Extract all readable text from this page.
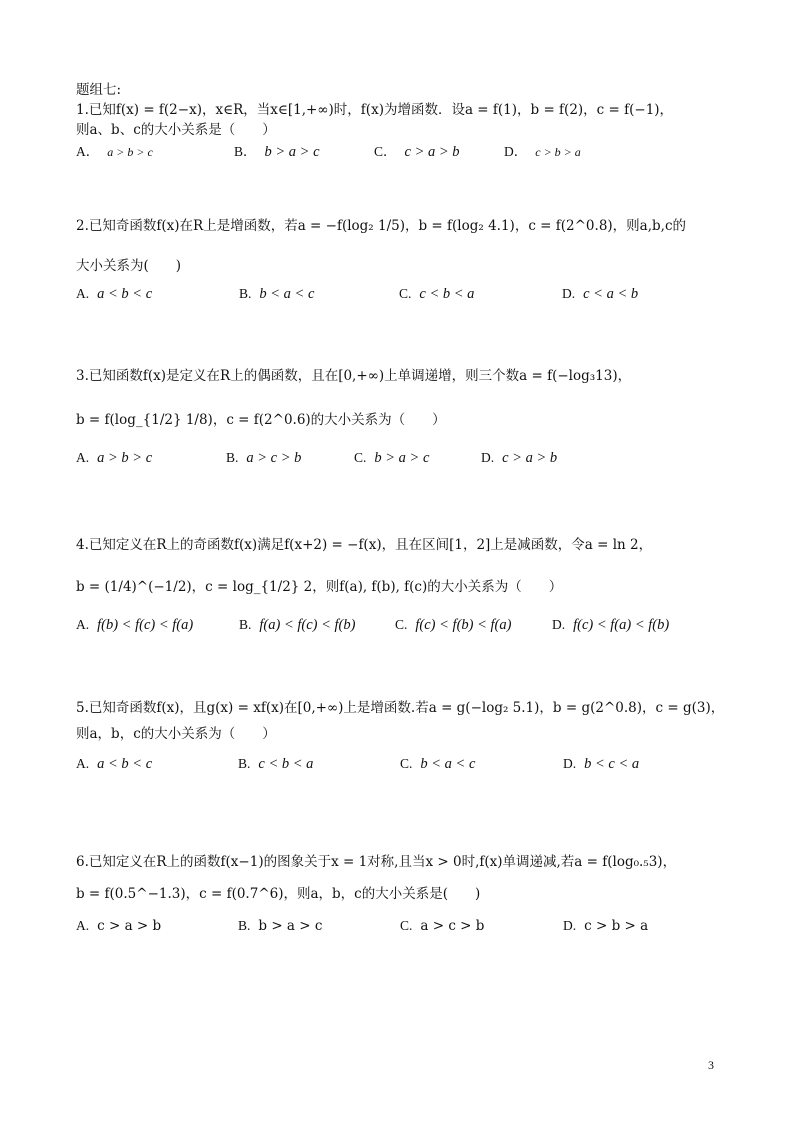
题组七:
1.已知f(x) = f(2−x)，x∈R，当x∈[1,+∞)时，f(x)为增函数．设a = f(1)，b = f(2)，c = f(−1)，
则a、b、c的大小关系是（　　）
A． a > b > c	B． b > a > c	C． c > a > b	D． c > b > a
2.已知奇函数f(x)在R上是增函数，若a = −f(log₂ 1/5)，b = f(log₂ 4.1)，c = f(2^0.8)，则a,b,c的
大小关系为(　　)
A. a < b < c	B. b < a < c	C. c < b < a	D. c < a < b
3.已知函数f(x)是定义在R上的偶函数，且在[0,+∞)上单调递增，则三个数a = f(−log₃13)，
b = f(log_{1/2} 1/8)，c = f(2^0.6)的大小关系为（　　）
A. a > b > c	B. a > c > b	C. b > a > c	D. c > a > b
4.已知定义在R上的奇函数f(x)满足f(x+2) = −f(x)，且在区间[1，2]上是减函数，令a = ln 2，
b = (1/4)^(−1/2)，c = log_{1/2} 2，则f(a), f(b), f(c)的大小关系为（　　）
A. f(b) < f(c) < f(a)	B. f(a) < f(c) < f(b)	C. f(c) < f(b) < f(a)	D. f(c) < f(a) < f(b)
5.已知奇函数f(x)，且g(x) = xf(x)在[0,+∞)上是增函数.若a = g(−log₂ 5.1)，b = g(2^0.8)，c = g(3)，
则a，b，c的大小关系为（　　）
A. a < b < c	B. c < b < a	C. b < a < c	D. b < c < a
6.已知定义在R上的函数f(x−1)的图象关于x = 1对称,且当x > 0时,f(x)单调递减,若a = f(log₀.₅3)，
b = f(0.5^−1.3)，c = f(0.7^6)，则a，b，c的大小关系是(　　)
A. c > a > b	B. b > a > c	C. a > c > b	D. c > b > a
3
